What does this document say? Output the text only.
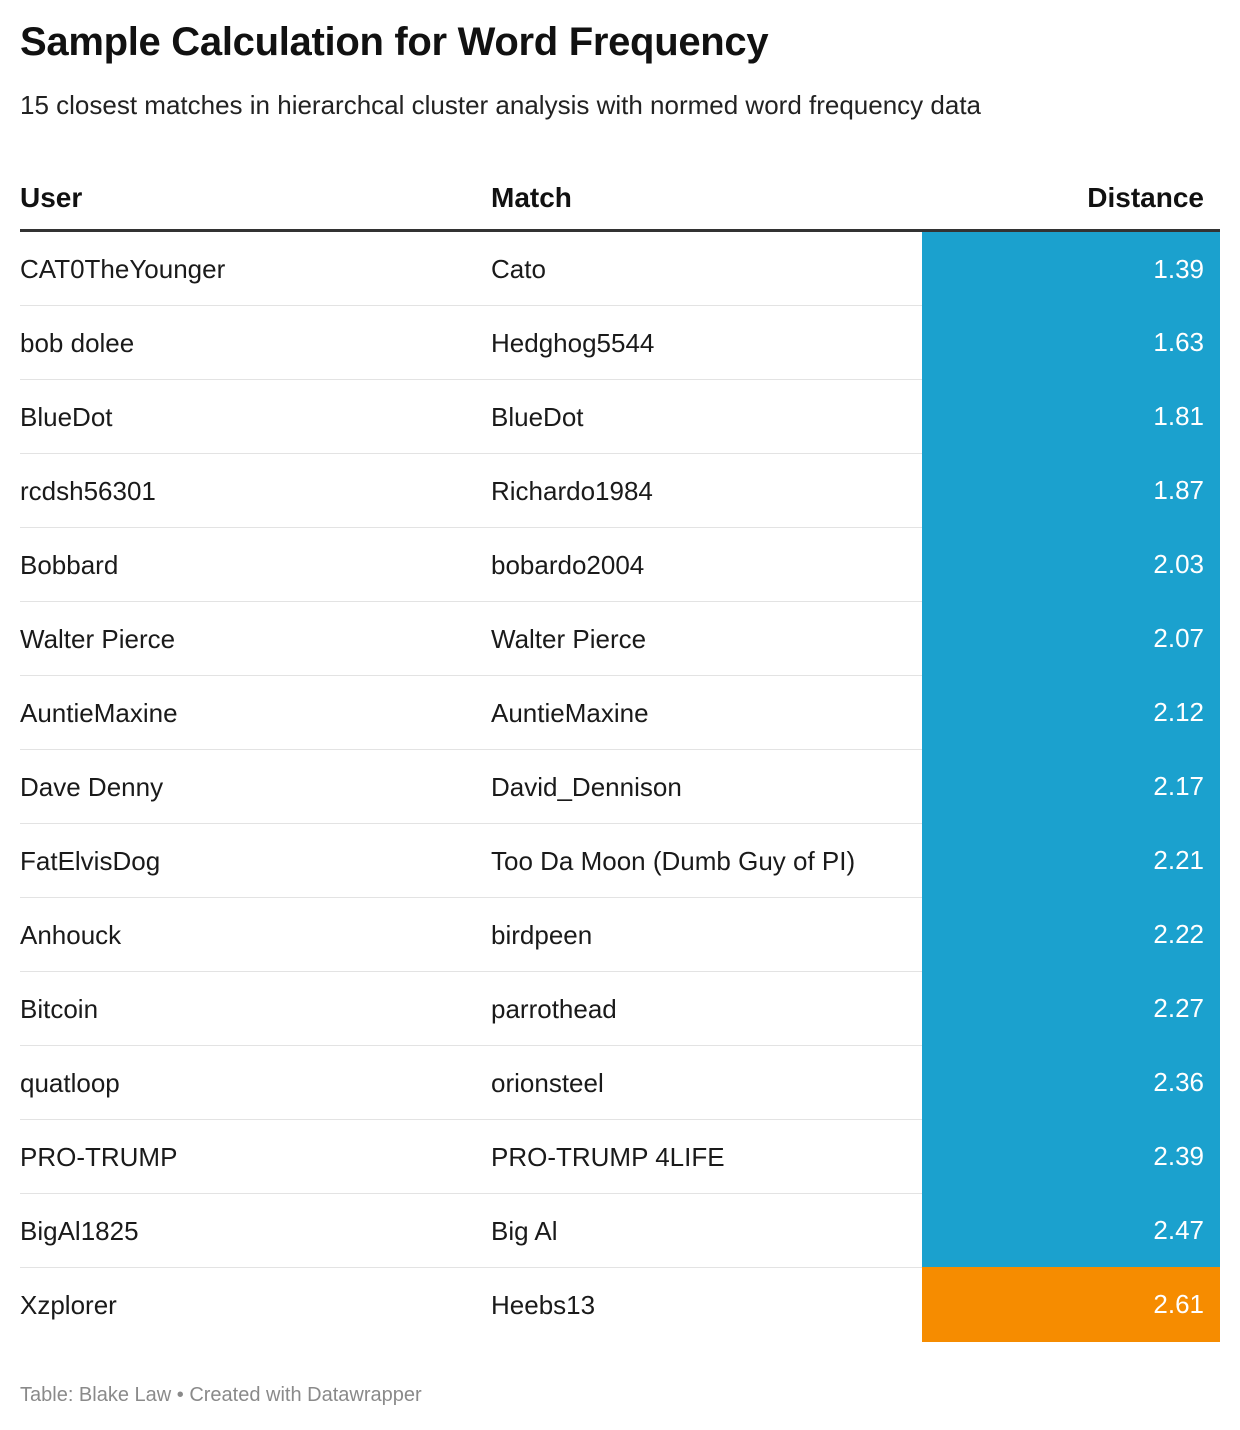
Sample Calculation for Word Frequency
15 closest matches in hierarchcal cluster analysis with normed word frequency data
User	Match	Distance
CAT0TheYounger	Cato	1.39
bob dolee	Hedghog5544	1.63
BlueDot	BlueDot	1.81
rcdsh56301	Richardo1984	1.87
Bobbard	bobardo2004	2.03
Walter Pierce	Walter Pierce	2.07
AuntieMaxine	AuntieMaxine	2.12
Dave Denny	David_Dennison	2.17
FatElvisDog	Too Da Moon (Dumb Guy of PI)	2.21
Anhouck	birdpeen	2.22
Bitcoin	parrothead	2.27
quatloop	orionsteel	2.36
PRO-TRUMP	PRO-TRUMP 4LIFE	2.39
BigAl1825	Big Al	2.47
Xzplorer	Heebs13	2.61
Table: Blake Law • Created with Datawrapper
